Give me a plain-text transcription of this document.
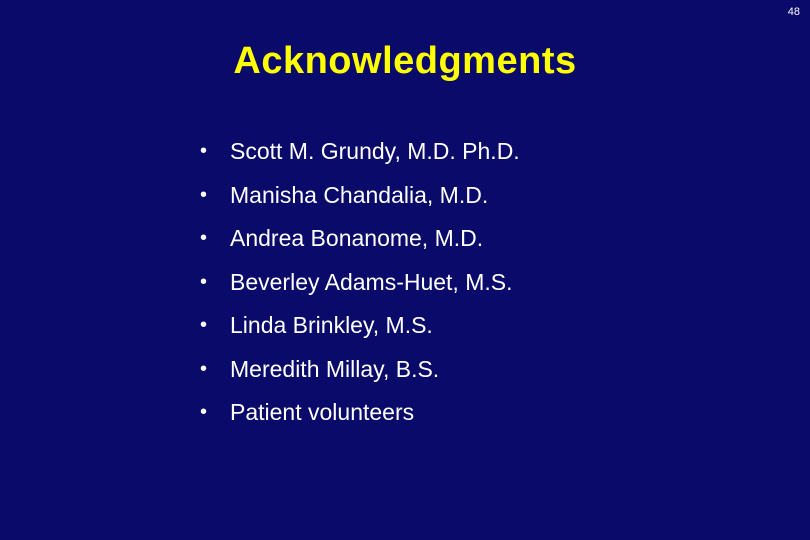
48
Acknowledgments
• Scott M. Grundy, M.D. Ph.D.
• Manisha Chandalia, M.D.
• Andrea Bonanome, M.D.
• Beverley Adams-Huet, M.S.
• Linda Brinkley, M.S.
• Meredith Millay, B.S.
• Patient volunteers
